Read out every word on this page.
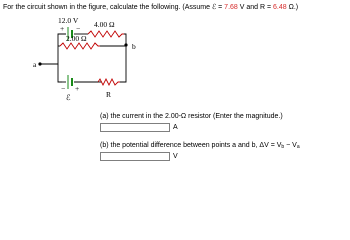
For the circuit shown in the figure, calculate the following. (Assume ℰ = 7.68 V and R = 6.48 Ω.)
12.0 V
+ − 4.00 Ω
2.00 Ω
b
a
− +
R
ℰ
(a) the current in the 2.00-Ω resistor (Enter the magnitude.)
A
(b) the potential difference between points a and b, $\Delta V = V_b - V_a$
V
